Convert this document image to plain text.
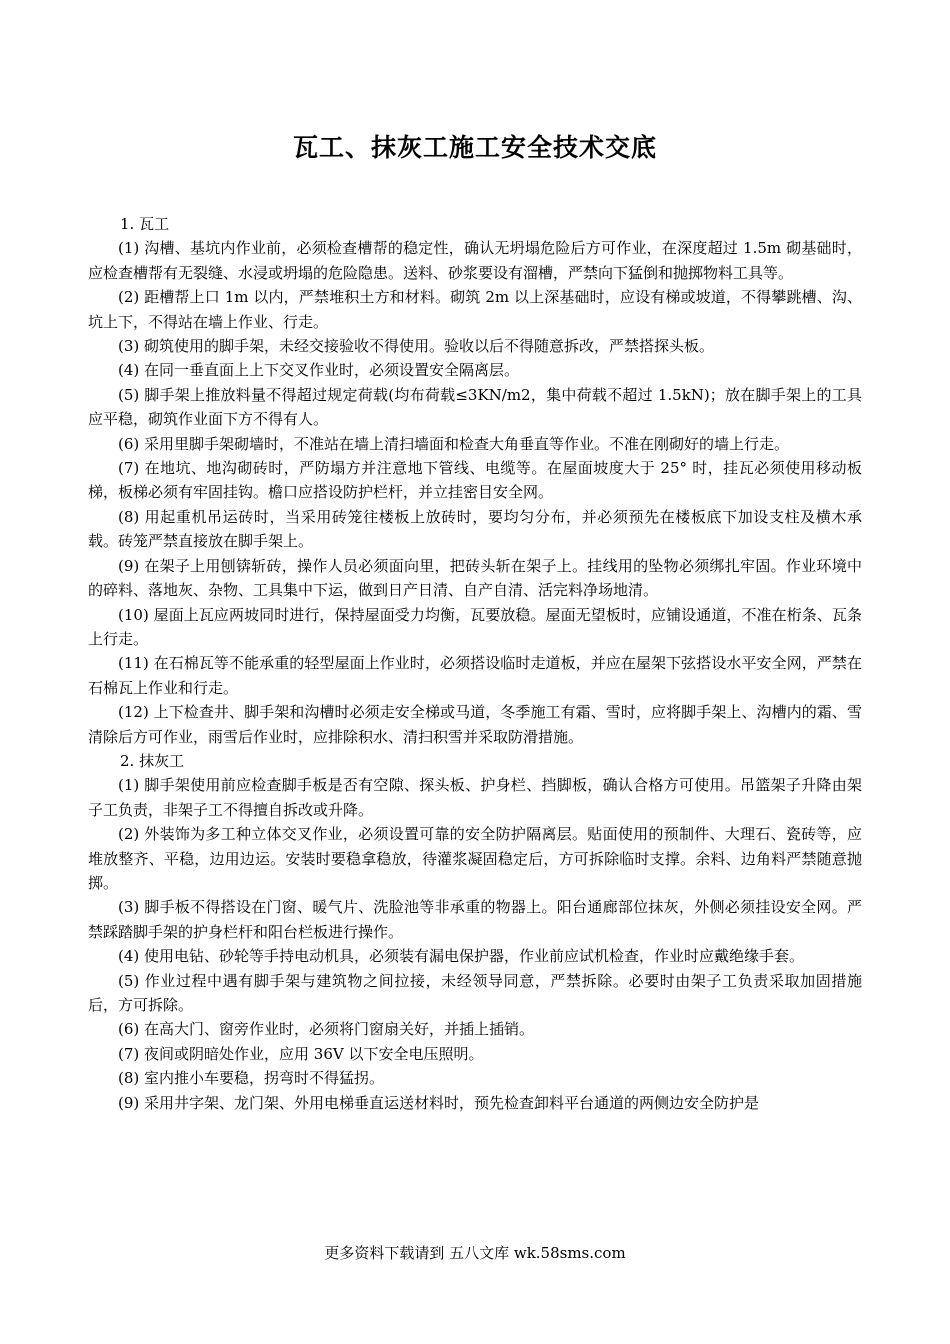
瓦工、抹灰工施工安全技术交底

1. 瓦工

(1) 沟槽、基坑内作业前，必须检查槽帮的稳定性，确认无坍塌危险后方可作业，在深度超过 1.5m 砌基础时，应检查槽帮有无裂缝、水浸或坍塌的危险隐患。送料、砂浆要设有溜槽，严禁向下猛倒和抛掷物料工具等。

(2) 距槽帮上口 1m 以内，严禁堆积土方和材料。砌筑 2m 以上深基础时，应设有梯或坡道，不得攀跳槽、沟、坑上下，不得站在墙上作业、行走。

(3) 砌筑使用的脚手架，未经交接验收不得使用。验收以后不得随意拆改，严禁搭探头板。

(4) 在同一垂直面上上下交叉作业时，必须设置安全隔离层。

(5) 脚手架上推放料量不得超过规定荷载(均布荷载≤3KN/m2，集中荷载不超过 1.5kN)；放在脚手架上的工具应平稳，砌筑作业面下方不得有人。

(6) 采用里脚手架砌墙时，不准站在墙上清扫墙面和检查大角垂直等作业。不准在刚砌好的墙上行走。

(7) 在地坑、地沟砌砖时，严防塌方并注意地下管线、电缆等。在屋面坡度大于 25° 时，挂瓦必须使用移动板梯，板梯必须有牢固挂钩。檐口应搭设防护栏杆，并立挂密目安全网。

(8) 用起重机吊运砖时，当采用砖笼往楼板上放砖时，要均匀分布，并必须预先在楼板底下加设支柱及横木承载。砖笼严禁直接放在脚手架上。

(9) 在架子上用刨锛斩砖，操作人员必须面向里，把砖头斩在架子上。挂线用的坠物必须绑扎牢固。作业环境中的碎料、落地灰、杂物、工具集中下运，做到日产日清、自产自清、活完料净场地清。

(10) 屋面上瓦应两坡同时进行，保持屋面受力均衡，瓦要放稳。屋面无望板时，应铺设通道，不准在桁条、瓦条上行走。

(11) 在石棉瓦等不能承重的轻型屋面上作业时，必须搭设临时走道板，并应在屋架下弦搭设水平安全网，严禁在石棉瓦上作业和行走。

(12) 上下检查井、脚手架和沟槽时必须走安全梯或马道，冬季施工有霜、雪时，应将脚手架上、沟槽内的霜、雪清除后方可作业，雨雪后作业时，应排除积水、清扫积雪并采取防滑措施。

2. 抹灰工

(1) 脚手架使用前应检查脚手板是否有空隙、探头板、护身栏、挡脚板，确认合格方可使用。吊篮架子升降由架子工负责，非架子工不得擅自拆改或升降。

(2) 外装饰为多工种立体交叉作业，必须设置可靠的安全防护隔离层。贴面使用的预制件、大理石、瓷砖等，应堆放整齐、平稳，边用边运。安装时要稳拿稳放，待灌浆凝固稳定后，方可拆除临时支撑。余料、边角料严禁随意抛掷。

(3) 脚手板不得搭设在门窗、暖气片、洗脸池等非承重的物器上。阳台通廊部位抹灰，外侧必须挂设安全网。严禁踩踏脚手架的护身栏杆和阳台栏板进行操作。

(4) 使用电钻、砂轮等手持电动机具，必须装有漏电保护器，作业前应试机检查，作业时应戴绝缘手套。

(5) 作业过程中遇有脚手架与建筑物之间拉接，未经领导同意，严禁拆除。必要时由架子工负责采取加固措施后，方可拆除。

(6) 在高大门、窗旁作业时，必须将门窗扇关好，并插上插销。

(7) 夜间或阴暗处作业，应用 36V 以下安全电压照明。

(8) 室内推小车要稳，拐弯时不得猛拐。

(9) 采用井字架、龙门架、外用电梯垂直运送材料时，预先检查卸料平台通道的两侧边安全防护是

更多资料下载请到 五八文库 wk.58sms.com
